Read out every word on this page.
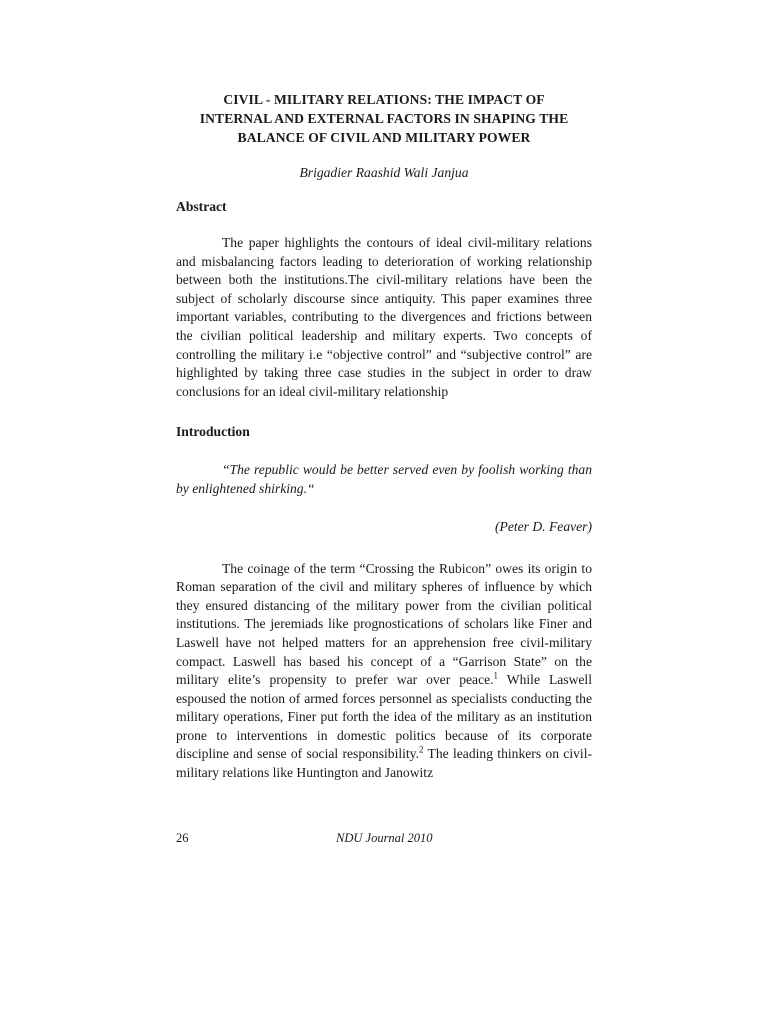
CIVIL - MILITARY RELATIONS: THE IMPACT OF
INTERNAL AND EXTERNAL FACTORS IN SHAPING THE
BALANCE OF CIVIL AND MILITARY POWER
Brigadier Raashid Wali Janjua
Abstract

The paper highlights the contours of ideal civil-military relations and misbalancing factors leading to deterioration of working relationship between both the institutions.The civil-military relations have been the subject of scholarly discourse since antiquity. This paper examines three important variables, contributing to the divergences and frictions between the civilian political leadership and military experts. Two concepts of controlling the military i.e “objective control” and “subjective control” are highlighted by taking three case studies in the subject in order to draw conclusions for an ideal civil-military relationship

Introduction

“The republic would be better served even by foolish working than by enlightened shirking.“

(Peter D. Feaver)

The coinage of the term “Crossing the Rubicon” owes its origin to Roman separation of the civil and military spheres of influence by which they ensured distancing of the military power from the civilian political institutions. The jeremiads like prognostications of scholars like Finer and Laswell have not helped matters for an apprehension free civil-military compact. Laswell has based his concept of a “Garrison State” on the military elite’s propensity to prefer war over peace.$^1$ While Laswell espoused the notion of armed forces personnel as specialists conducting the military operations, Finer put forth the idea of the military as an institution prone to interventions in domestic politics because of its corporate discipline and sense of social responsibility.$^2$ The leading thinkers on civil-military relations like Huntington and Janowitz

26	NDU Journal 2010
